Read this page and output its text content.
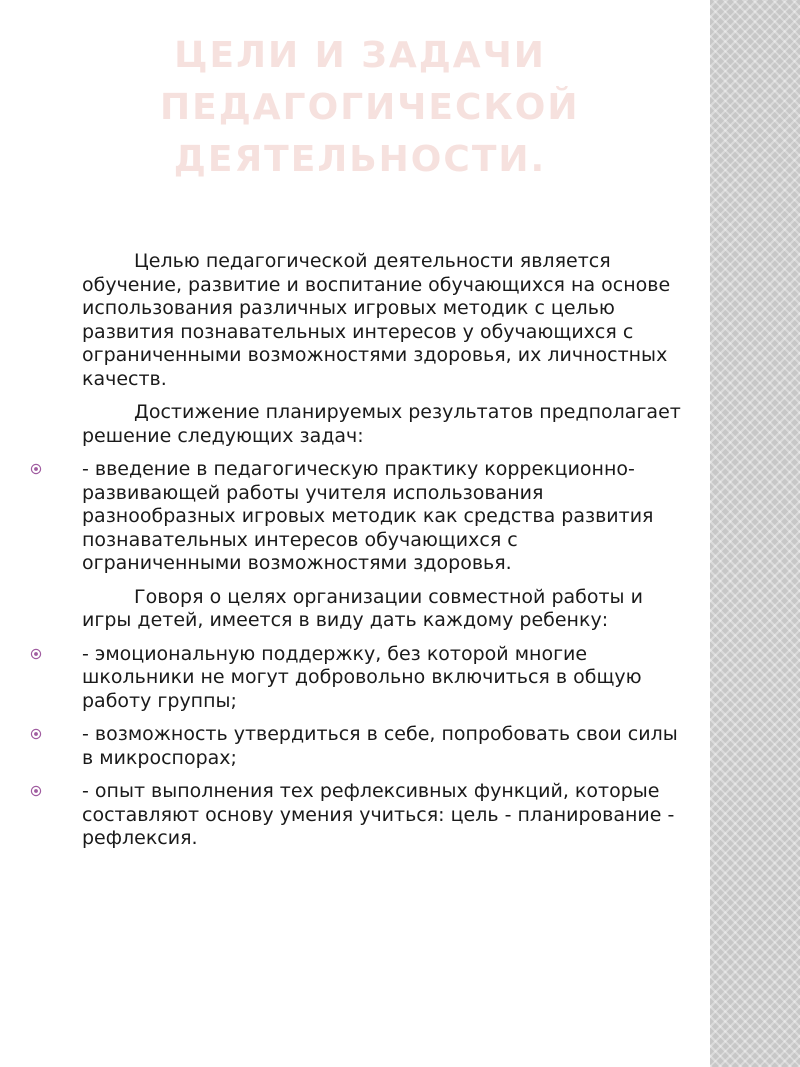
ЦЕЛИ И ЗАДАЧИ
ПЕДАГОГИЧЕСКОЙ
ДЕЯТЕЛЬНОСТИ.

Целью педагогической деятельности является обучение, развитие и воспитание обучающихся на основе использования различных игровых методик с целью развития познавательных интересов у обучающихся с ограниченными возможностями здоровья, их личностных качеств.

Достижение планируемых результатов предполагает решение следующих задач:

- введение в педагогическую практику коррекционно-развивающей работы учителя использования разнообразных игровых методик как средства развития познавательных интересов обучающихся с ограниченными возможностями здоровья.

Говоря о целях организации совместной работы и игры детей, имеется в виду дать каждому ребенку:

- эмоциональную поддержку, без которой многие школьники не могут добровольно включиться в общую работу группы;
- возможность утвердиться в себе, попробовать свои силы в микроспорах;
- опыт выполнения тех рефлексивных функций, которые составляют основу умения учиться: цель - планирование - рефлексия.
